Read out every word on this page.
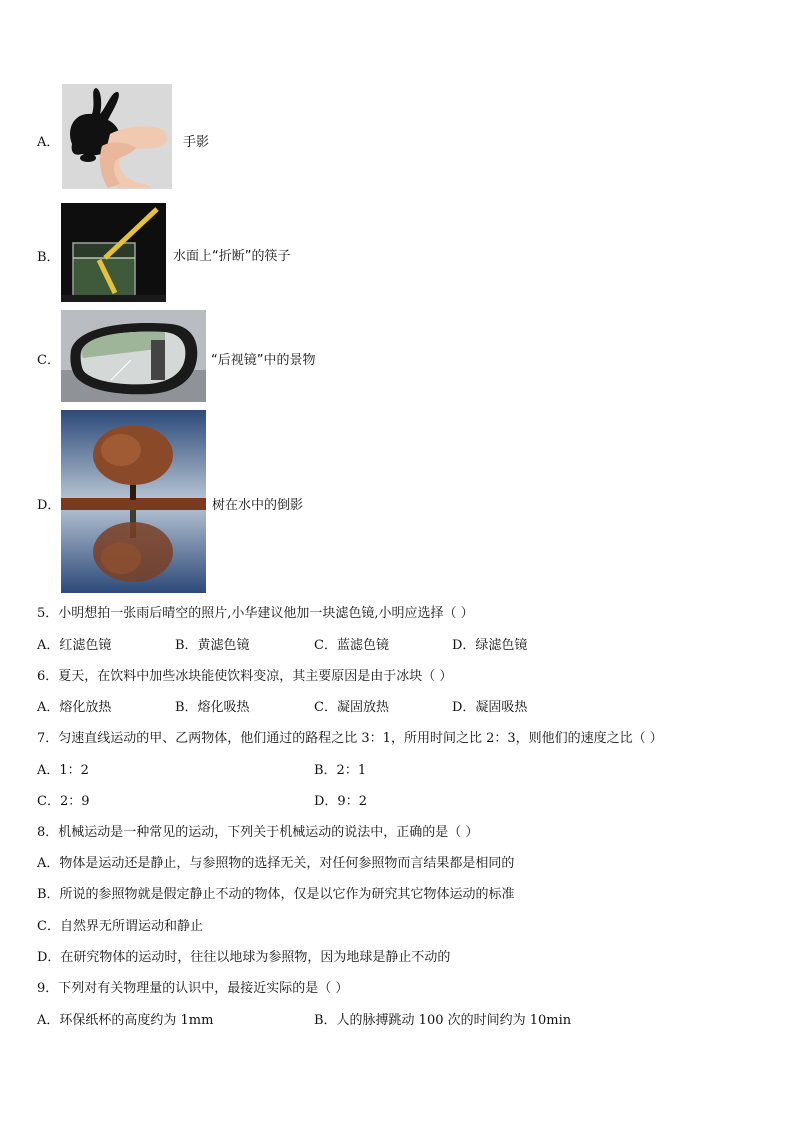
A．	手影
B．	水面上“折断”的筷子
C．	“后视镜”中的景物
D．	树在水中的倒影
5．小明想拍一张雨后晴空的照片,小华建议他加一块滤色镜,小明应选择（ ）
A．红滤色镜	B．黄滤色镜	C．蓝滤色镜	D．绿滤色镜
6．夏天，在饮料中加些冰块能使饮料变凉，其主要原因是由于冰块（ ）
A．熔化放热	B．熔化吸热	C．凝固放热	D．凝固吸热
7．匀速直线运动的甲、乙两物体，他们通过的路程之比 3：1，所用时间之比 2：3，则他们的速度之比（ ）
A．1：2	B．2：1
C．2：9	D．9：2
8．机械运动是一种常见的运动，下列关于机械运动的说法中，正确的是（ ）
A．物体是运动还是静止，与参照物的选择无关，对任何参照物而言结果都是相同的
B．所说的参照物就是假定静止不动的物体，仅是以它作为研究其它物体运动的标准
C．自然界无所谓运动和静止
D．在研究物体的运动时，往往以地球为参照物，因为地球是静止不动的
9．下列对有关物理量的认识中，最接近实际的是（ ）
A．环保纸杯的高度约为 1mm	B．人的脉搏跳动 100 次的时间约为 10min
